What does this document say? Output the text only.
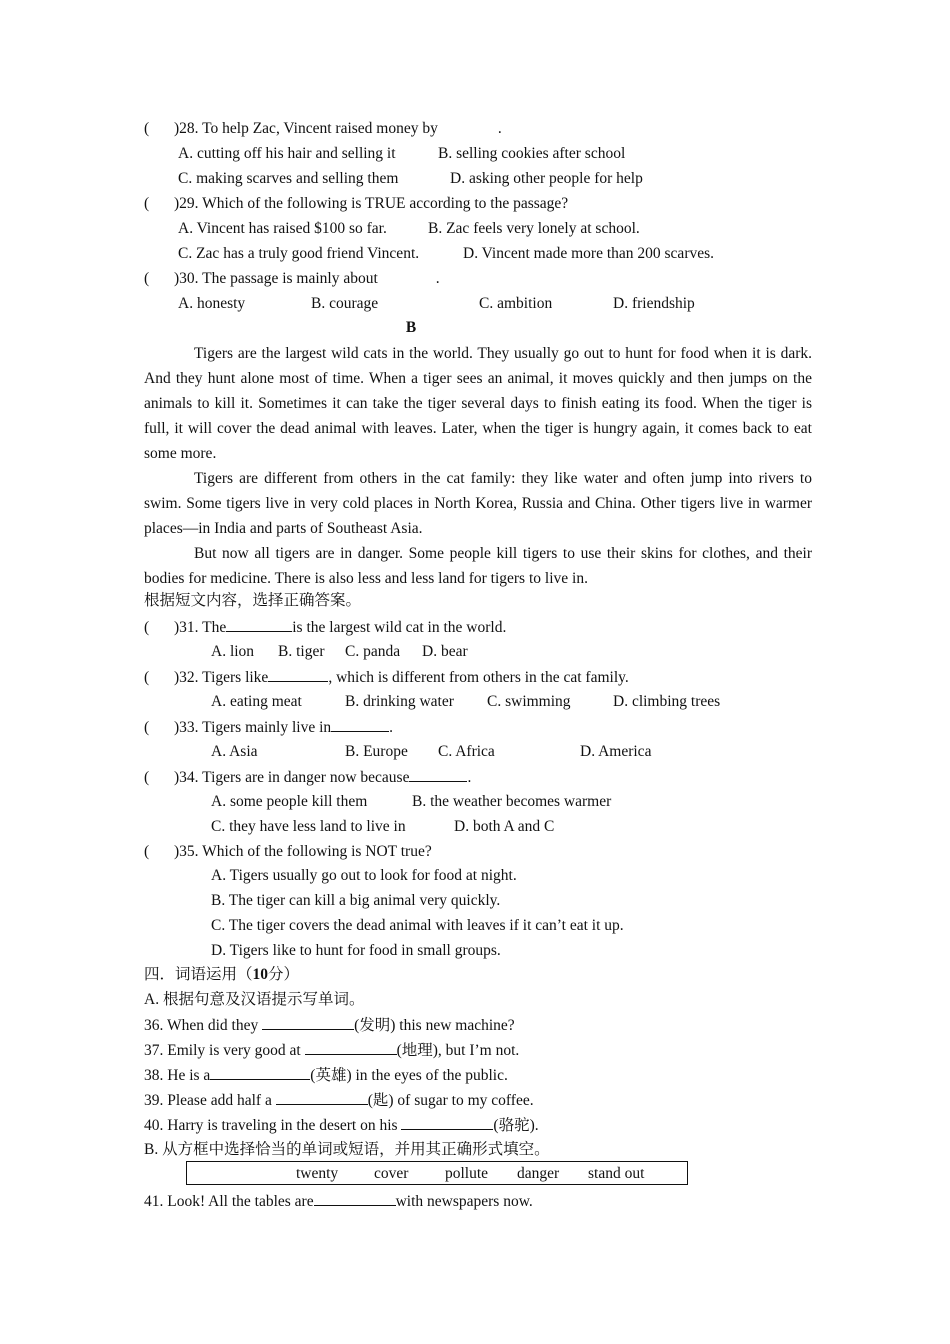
( )28. To help Zac, Vincent raised money by	.
A. cutting off his hair and selling it	B. selling cookies after school
C. making scarves and selling them	D. asking other people for help
( )29. Which of the following is TRUE according to the passage?
A. Vincent has raised $100 so far.	B. Zac feels very lonely at school.
C. Zac has a truly good friend Vincent.	D. Vincent made more than 200 scarves.
( )30. The passage is mainly about	.
A. honesty	B. courage	C. ambition	D. friendship
B
Tigers are the largest wild cats in the world. They usually go out to hunt for food when it is dark. And they hunt alone most of time. When a tiger sees an animal, it moves quickly and then jumps on the animals to kill it. Sometimes it can take the tiger several days to finish eating its food. When the tiger is full, it will cover the dead animal with leaves. Later, when the tiger is hungry again, it comes back to eat some more.
Tigers are different from others in the cat family: they like water and often jump into rivers to swim. Some tigers live in very cold places in North Korea, Russia and China. Other tigers live in warmer places—in India and parts of Southeast Asia.
But now all tigers are in danger. Some people kill tigers to use their skins for clothes, and their bodies for medicine. There is also less and less land for tigers to live in.
根据短文内容，选择正确答案。
( )31. The	is the largest wild cat in the world.
A. lion B. tiger C. panda D. bear
( )32. Tigers like	, which is different from others in the cat family.
A. eating meat	B. drinking water C. swimming	D. climbing trees
( )33. Tigers mainly live in	.
A. Asia	B. Europe C. Africa	D. America
( )34. Tigers are in danger now because	.
A. some people kill them	B. the weather becomes warmer
C. they have less land to live in	D. both A and C
( )35. Which of the following is NOT true?
A. Tigers usually go out to look for food at night.
B. The tiger can kill a big animal very quickly.
C. The tiger covers the dead animal with leaves if it can’t eat it up.
D. Tigers like to hunt for food in small groups.
四．词语运用（10分）
A. 根据句意及汉语提示写单词。
36. When did they	(发明) this new machine?
37. Emily is very good at	(地理), but I’m not.
38. He is a	(英雄) in the eyes of the public.
39. Please add half a	(匙) of sugar to my coffee.
40. Harry is traveling in the desert on his	(骆驼).
B. 从方框中选择恰当的单词或短语，并用其正确形式填空。
twenty cover pollute danger stand out
41. Look! All the tables are	with newspapers now.
